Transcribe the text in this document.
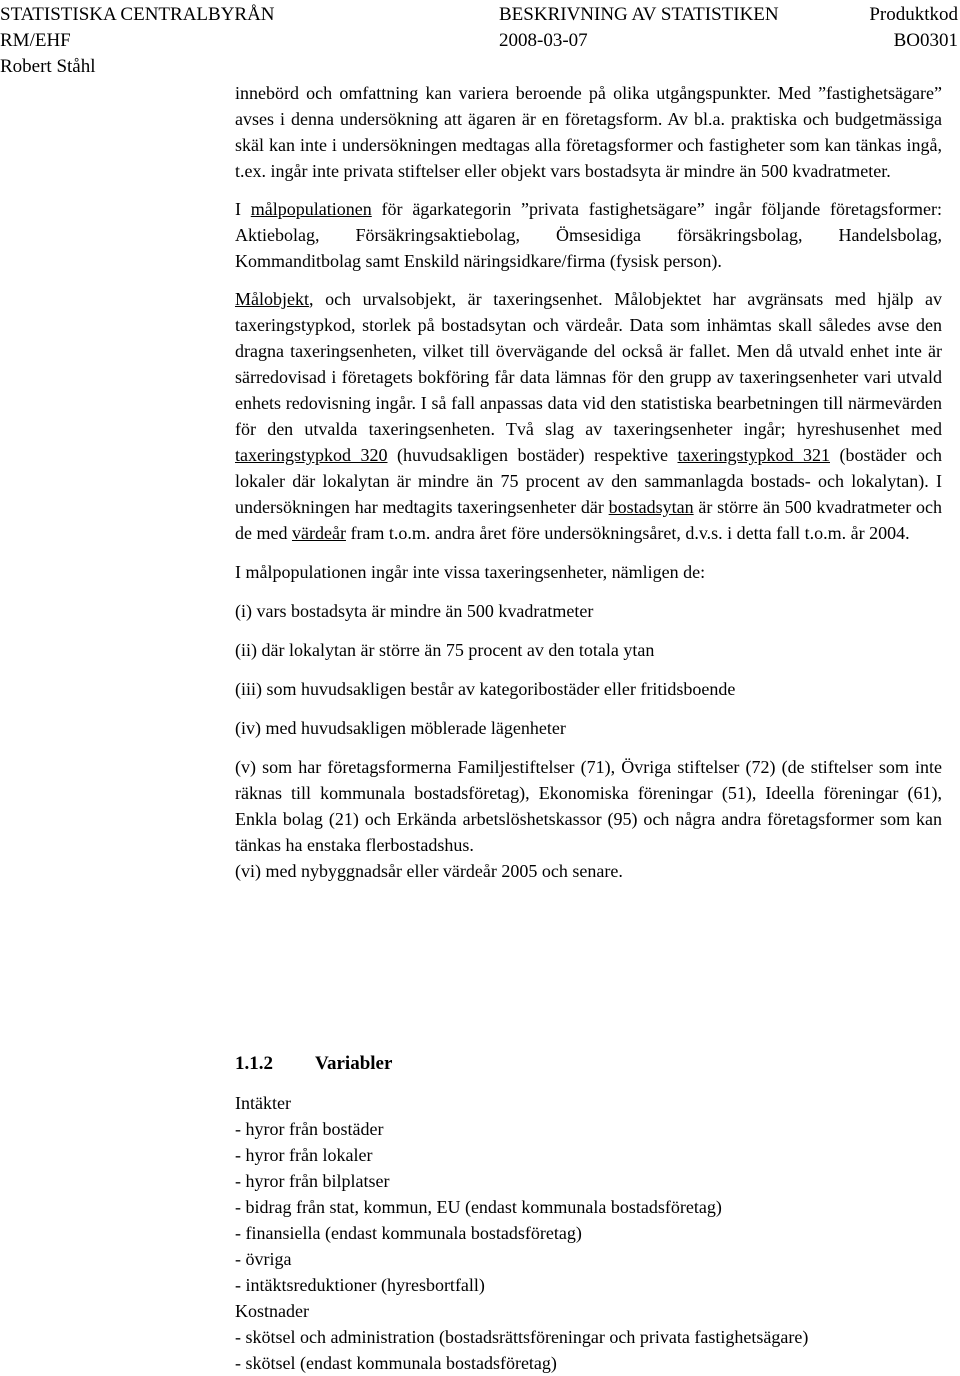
STATISTISKA CENTRALBYRÅN
RM/EHF
Robert Ståhl
BESKRIVNING AV STATISTIKEN
2008-03-07
Produktkod
BO0301

innebörd och omfattning kan variera beroende på olika utgångspunkter. Med ”fastighetsägare” avses i denna undersökning att ägaren är en företagsform. Av bl.a. praktiska och budgetmässiga skäl kan inte i undersökningen medtagas alla företagsformer och fastigheter som kan tänkas ingå, t.ex. ingår inte privata stiftelser eller objekt vars bostadsyta är mindre än 500 kvadratmeter.

I målpopulationen för ägarkategorin ”privata fastighetsägare” ingår följande företagsformer: Aktiebolag, Försäkringsaktiebolag, Ömsesidiga försäkringsbolag, Handelsbolag, Kommanditbolag samt Enskild näringsidkare/firma (fysisk person).

Målobjekt, och urvalsobjekt, är taxeringsenhet. Målobjektet har avgränsats med hjälp av taxeringstypkod, storlek på bostadsytan och värdeår. Data som inhämtas skall således avse den dragna taxeringsenheten, vilket till övervägande del också är fallet. Men då utvald enhet inte är särredovisad i företagets bokföring får data lämnas för den grupp av taxeringsenheter vari utvald enhets redovisning ingår. I så fall anpassas data vid den statistiska bearbetningen till närmevärden för den utvalda taxeringsenheten. Två slag av taxeringsenheter ingår; hyreshusenhet med taxeringstypkod 320 (huvudsakligen bostäder) respektive taxeringstypkod 321 (bostäder och lokaler där lokalytan är mindre än 75 procent av den sammanlagda bostads- och lokalytan). I undersökningen har medtagits taxeringsenheter där bostadsytan är större än 500 kvadratmeter och de med värdeår fram t.o.m. andra året före undersökningsåret, d.v.s. i detta fall t.o.m. år 2004.

I målpopulationen ingår inte vissa taxeringsenheter, nämligen de:

(i) vars bostadsyta är mindre än 500 kvadratmeter

(ii) där lokalytan är större än 75 procent av den totala ytan

(iii) som huvudsakligen består av kategoribostäder eller fritidsboende

(iv) med huvudsakligen möblerade lägenheter

(v) som har företagsformerna Familjestiftelser (71), Övriga stiftelser (72) (de stiftelser som inte räknas till kommunala bostadsföretag), Ekonomiska föreningar (51), Ideella föreningar (61), Enkla bolag (21) och Erkända arbetslöshetskassor (95) och några andra företagsformer som kan tänkas ha enstaka flerbostadshus.

(vi) med nybyggnadsår eller värdeår 2005 och senare.

1.1.2 Variabler
Intäkter
- hyror från bostäder
- hyror från lokaler
- hyror från bilplatser
- bidrag från stat, kommun, EU (endast kommunala bostadsföretag)
- finansiella (endast kommunala bostadsföretag)
- övriga
- intäktsreduktioner (hyresbortfall)
Kostnader
- skötsel och administration (bostadsrättsföreningar och privata fastighetsägare)
- skötsel (endast kommunala bostadsföretag)
